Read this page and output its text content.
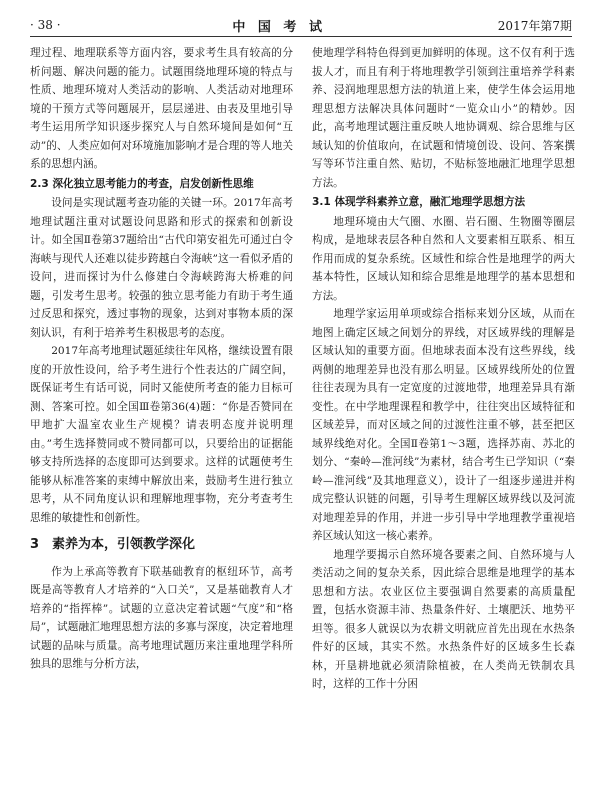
· 38 ·	中 国 考 试	2017年第7期

理过程、地理联系等方面内容，要求考生具有较高的分析问题、解决问题的能力。试题围绕地理环境的特点与性质、地理环境对人类活动的影响、人类活动对地理环境的干预方式等问题展开，层层递进、由表及里地引导考生运用所学知识逐步探究人与自然环境间是如何“互动”的、人类应如何对环境施加影响才是合理的等人地关系的思想内涵。

2.3 深化独立思考能力的考查，启发创新性思维

设问是实现试题考查功能的关键一环。2017年高考地理试题注重对试题设问思路和形式的探索和创新设计。如全国Ⅱ卷第37题给出“古代印第安祖先可通过白令海峡与现代人还难以徒步跨越白令海峡”这一看似矛盾的设问，进而探讨为什么修建白令海峡跨海大桥难的问题，引发考生思考。较强的独立思考能力有助于考生通过反思和探究，透过事物的现象，达到对事物本质的深刻认识，有利于培养考生积极思考的态度。

2017年高考地理试题延续往年风格，继续设置有限度的开放性设问，给予考生进行个性表达的广阔空间，既保证考生有话可说，同时又能使所考查的能力目标可测、答案可控。如全国Ⅲ卷第36(4)题：“你是否赞同在甲地扩大温室农业生产规模？请表明态度并说明理由。”考生选择赞同或不赞同都可以，只要给出的证据能够支持所选择的态度即可达到要求。这样的试题使考生能够从标准答案的束缚中解放出来，鼓励考生进行独立思考，从不同角度认识和理解地理事物，充分考查考生思维的敏捷性和创新性。

3　素养为本，引领教学深化

作为上承高等教育下联基础教育的枢纽环节，高考既是高等教育人才培养的“入口关”，又是基础教育人才培养的“指挥棒”。试题的立意决定着试题“气度”和“格局”，试题融汇地理思想方法的多寡与深度，决定着地理试题的品味与质量。高考地理试题历来注重地理学科所独具的思维与分析方法，

使地理学科特色得到更加鲜明的体现。这不仅有利于选拔人才，而且有利于将地理教学引领到注重培养学科素养、浸润地理思想方法的轨道上来，使学生体会运用地理思想方法解决具体问题时“一览众山小”的精妙。因此，高考地理试题注重反映人地协调观、综合思维与区域认知的价值取向，在试题和情境创设、设问、答案撰写等环节注重自然、贴切，不贴标签地融汇地理学思想方法。

3.1 体现学科素养立意，融汇地理学思想方法

地理环境由大气圈、水圈、岩石圈、生物圈等圈层构成，是地球表层各种自然和人文要素相互联系、相互作用而成的复杂系统。区域性和综合性是地理学的两大基本特性，区域认知和综合思维是地理学的基本思想和方法。

地理学家运用单项或综合指标来划分区域，从而在地图上确定区域之间划分的界线，对区域界线的理解是区域认知的重要方面。但地球表面本没有这些界线，线两侧的地理差异也没有那么明显。区域界线所处的位置往往表现为具有一定宽度的过渡地带，地理差异具有渐变性。在中学地理课程和教学中，往往突出区域特征和区域差异，而对区域之间的过渡性注重不够，甚至把区域界线绝对化。全国Ⅱ卷第1～3题，选择苏南、苏北的划分、“秦岭—淮河线”为素材，结合考生已学知识（“秦岭—淮河线”及其地理意义），设计了一组逐步递进并构成完整认识链的问题，引导考生理解区域界线以及河流对地理差异的作用，并进一步引导中学地理教学重视培养区域认知这一核心素养。

地理学要揭示自然环境各要素之间、自然环境与人类活动之间的复杂关系，因此综合思维是地理学的基本思想和方法。农业区位主要强调自然要素的高质量配置，包括水资源丰沛、热量条件好、土壤肥沃、地势平坦等。很多人就误以为农耕文明就应首先出现在水热条件好的区域，其实不然。水热条件好的区域多生长森林，开垦耕地就必须清除植被，在人类尚无铁制农具时，这样的工作十分困
